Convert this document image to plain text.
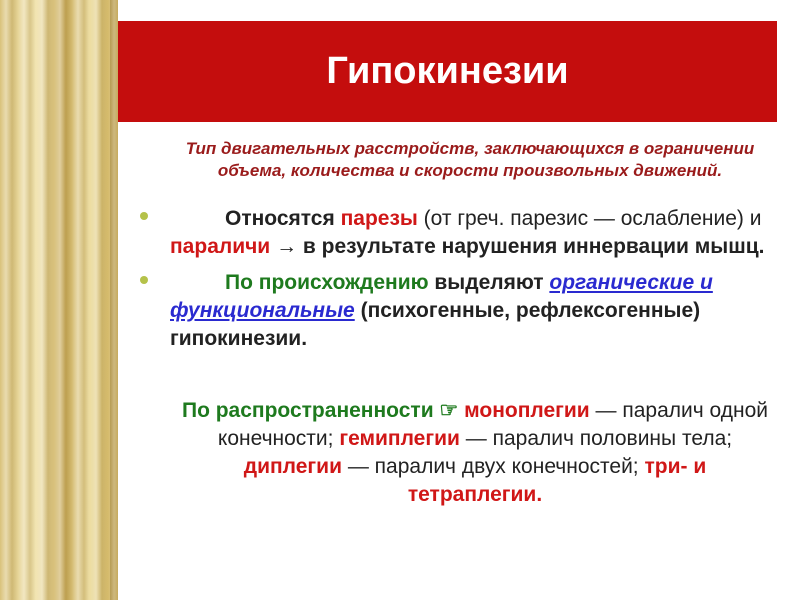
Гипокинезии
Тип двигательных расстройств, заключающихся в ограничении объема, количества и скорости произвольных движений.
Относятся парезы (от греч. парезис — ослабление) и параличи → в результате нарушения иннервации мышц.
По происхождению выделяют органические и функциональные (психогенные, рефлексогенные) гипокинезии.
По распространенности ☞ моноплегии — паралич одной конечности; гемиплегии — паралич половины тела; диплегии — паралич двух конечностей; три- и тетраплегии.
